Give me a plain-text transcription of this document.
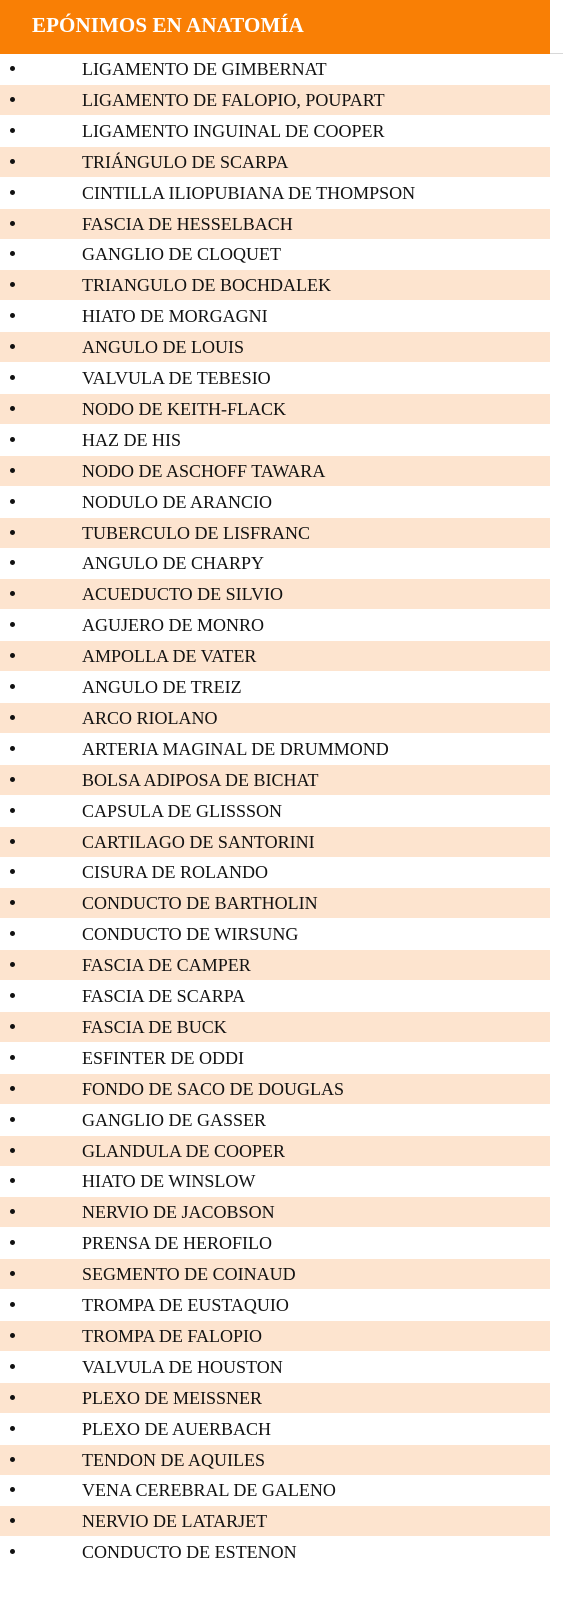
EPÓNIMOS EN ANATOMÍA
LIGAMENTO DE GIMBERNAT
LIGAMENTO DE FALOPIO, POUPART
LIGAMENTO INGUINAL DE COOPER
TRIÁNGULO DE SCARPA
CINTILLA ILIOPUBIANA DE THOMPSON
FASCIA DE HESSELBACH
GANGLIO DE CLOQUET
TRIANGULO DE BOCHDALEK
HIATO DE MORGAGNI
ANGULO DE LOUIS
VALVULA DE TEBESIO
NODO DE KEITH-FLACK
HAZ DE HIS
NODO DE ASCHOFF TAWARA
NODULO DE ARANCIO
TUBERCULO DE LISFRANC
ANGULO DE CHARPY
ACUEDUCTO DE SILVIO
AGUJERO DE MONRO
AMPOLLA DE VATER
ANGULO DE TREIZ
ARCO RIOLANO
ARTERIA MAGINAL DE DRUMMOND
BOLSA ADIPOSA DE BICHAT
CAPSULA DE GLISSSON
CARTILAGO DE SANTORINI
CISURA DE ROLANDO
CONDUCTO DE BARTHOLIN
CONDUCTO DE WIRSUNG
FASCIA DE CAMPER
FASCIA DE SCARPA
FASCIA DE BUCK
ESFINTER DE ODDI
FONDO DE SACO DE DOUGLAS
GANGLIO DE GASSER
GLANDULA DE COOPER
HIATO DE WINSLOW
NERVIO DE JACOBSON
PRENSA DE HEROFILO
SEGMENTO DE COINAUD
TROMPA DE EUSTAQUIO
TROMPA DE FALOPIO
VALVULA DE HOUSTON
PLEXO DE MEISSNER
PLEXO DE AUERBACH
TENDON DE AQUILES
VENA CEREBRAL DE GALENO
NERVIO DE LATARJET
CONDUCTO DE ESTENON
